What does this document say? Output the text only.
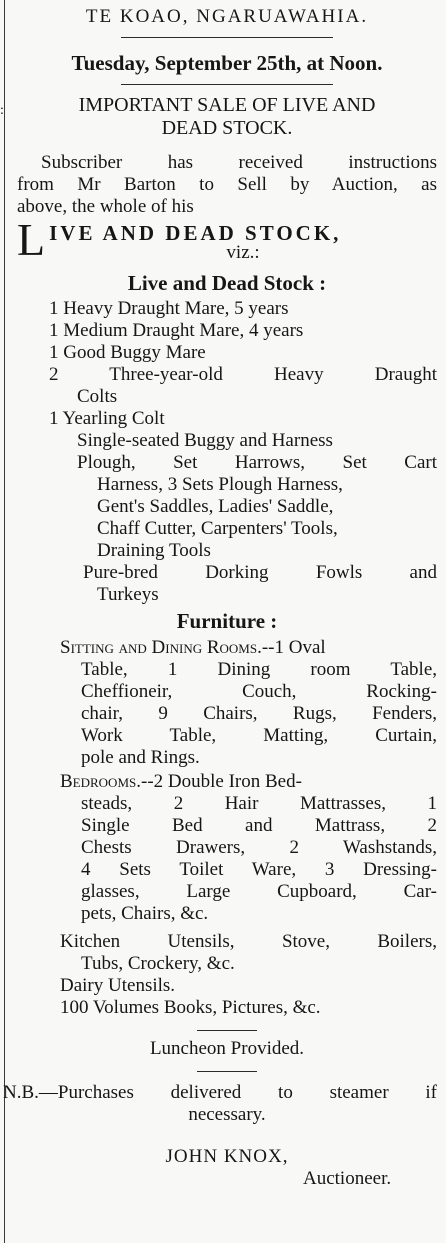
:
TE KOAO, NGARUAWAHIA.
Tuesday, September 25th, at Noon.
IMPORTANT SALE OF LIVE AND
DEAD STOCK.
Subscriber has received instructions
from Mr Barton to Sell by Auction, as
above, the whole of his
L IVE AND DEAD STOCK,
viz.:
Live and Dead Stock :
1 Heavy Draught Mare, 5 years
1 Medium Draught Mare, 4 years
1 Good Buggy Mare
2 Three-year-old Heavy Draught
Colts
1 Yearling Colt
Single-seated Buggy and Harness
Plough, Set Harrows, Set Cart
Harness, 3 Sets Plough Harness,
Gent's Saddles, Ladies' Saddle,
Chaff Cutter, Carpenters' Tools,
Draining Tools
Pure-bred Dorking Fowls and
Turkeys
Furniture :
Sitting and Dining Rooms.--1 Oval
Table, 1 Dining room Table,
Cheffioneir, Couch, Rocking-
chair, 9 Chairs, Rugs, Fenders,
Work Table, Matting, Curtain,
pole and Rings.
Bedrooms.--2 Double Iron Bed-
steads, 2 Hair Mattrasses, 1
Single Bed and Mattrass, 2
Chests Drawers, 2 Washstands,
4 Sets Toilet Ware, 3 Dressing-
glasses, Large Cupboard, Car-
pets, Chairs, &c.
Kitchen Utensils, Stove, Boilers,
Tubs, Crockery, &c.
Dairy Utensils.
100 Volumes Books, Pictures, &c.
Luncheon Provided.
N.B.—Purchases delivered to steamer if
necessary.
JOHN KNOX,
Auctioneer.
